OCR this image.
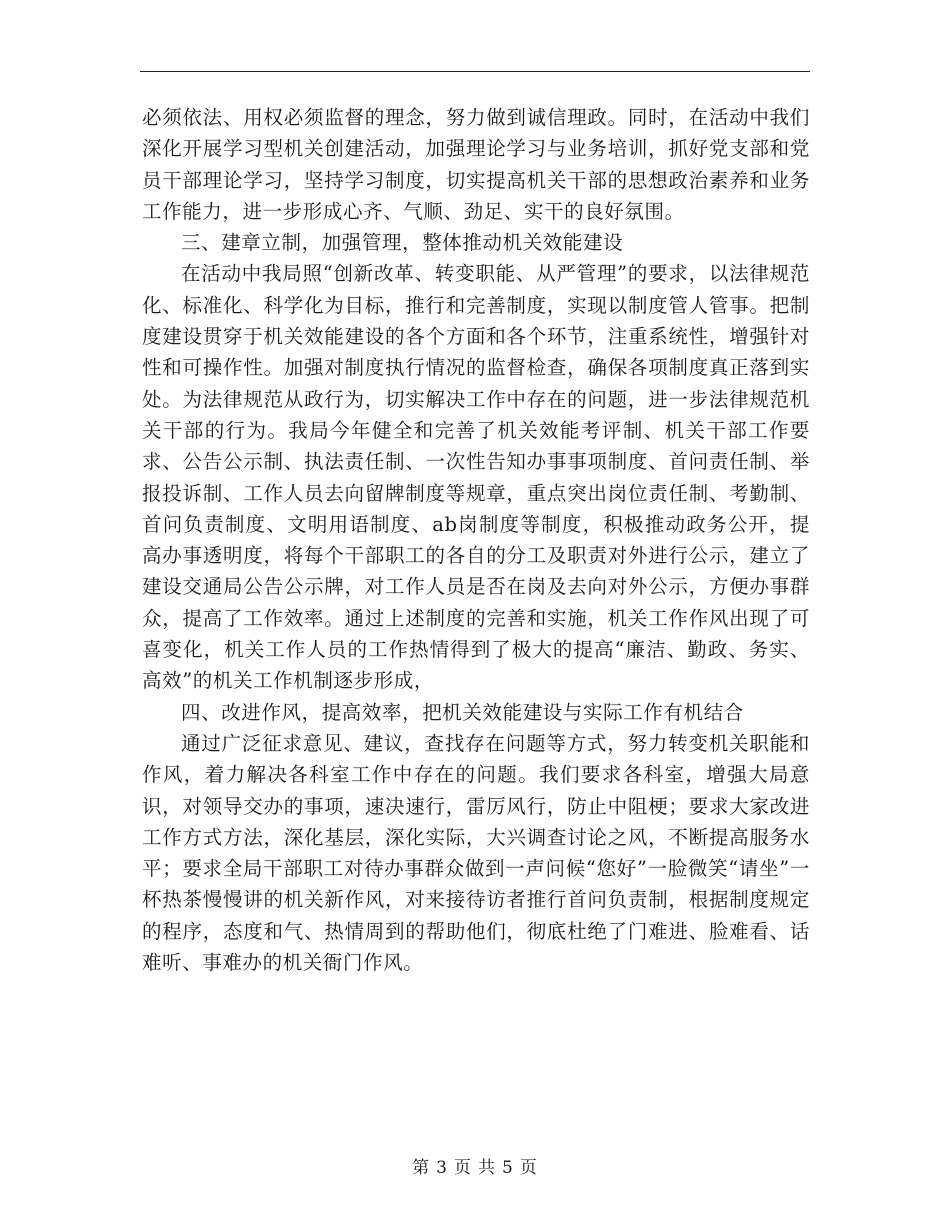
必须依法、用权必须监督的理念，努力做到诚信理政。同时，在活动中我们深化开展学习型机关创建活动，加强理论学习与业务培训，抓好党支部和党员干部理论学习，坚持学习制度，切实提高机关干部的思想政治素养和业务工作能力，进一步形成心齐、气顺、劲足、实干的良好氛围。

三、建章立制，加强管理，整体推动机关效能建设

在活动中我局照“创新改革、转变职能、从严管理”的要求，以法律规范化、标准化、科学化为目标，推行和完善制度，实现以制度管人管事。把制度建设贯穿于机关效能建设的各个方面和各个环节，注重系统性，增强针对性和可操作性。加强对制度执行情况的监督检查，确保各项制度真正落到实处。为法律规范从政行为，切实解决工作中存在的问题，进一步法律规范机关干部的行为。我局今年健全和完善了机关效能考评制、机关干部工作要求、公告公示制、执法责任制、一次性告知办事事项制度、首问责任制、举报投诉制、工作人员去向留牌制度等规章，重点突出岗位责任制、考勤制、首问负责制度、文明用语制度、ab岗制度等制度，积极推动政务公开，提高办事透明度，将每个干部职工的各自的分工及职责对外进行公示，建立了建设交通局公告公示牌，对工作人员是否在岗及去向对外公示，方便办事群众，提高了工作效率。通过上述制度的完善和实施，机关工作作风出现了可喜变化，机关工作人员的工作热情得到了极大的提高“廉洁、勤政、务实、高效”的机关工作机制逐步形成，

四、改进作风，提高效率，把机关效能建设与实际工作有机结合

通过广泛征求意见、建议，查找存在问题等方式，努力转变机关职能和作风，着力解决各科室工作中存在的问题。我们要求各科室，增强大局意识，对领导交办的事项，速决速行，雷厉风行，防止中阻梗；要求大家改进工作方式方法，深化基层，深化实际，大兴调查讨论之风，不断提高服务水平；要求全局干部职工对待办事群众做到一声问候“您好”一脸微笑“请坐”一杯热茶慢慢讲的机关新作风，对来接待访者推行首问负责制，根据制度规定的程序，态度和气、热情周到的帮助他们，彻底杜绝了门难进、脸难看、话难听、事难办的机关衙门作风。

第 3 页 共 5 页
